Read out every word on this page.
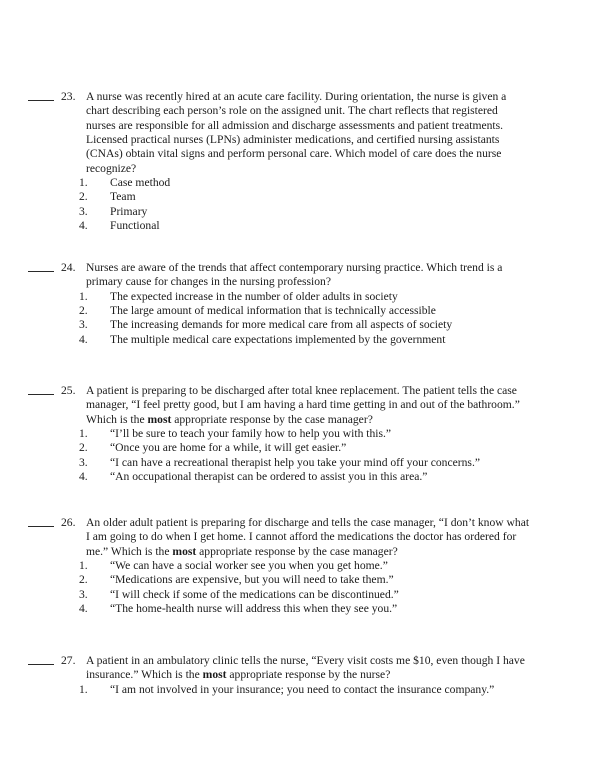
23. A nurse was recently hired at an acute care facility. During orientation, the nurse is given a chart describing each person’s role on the assigned unit. The chart reflects that registered nurses are responsible for all admission and discharge assessments and patient treatments. Licensed practical nurses (LPNs) administer medications, and certified nursing assistants (CNAs) obtain vital signs and perform personal care. Which model of care does the nurse recognize?
1.	Case method
2.	Team
3.	Primary
4.	Functional
24. Nurses are aware of the trends that affect contemporary nursing practice. Which trend is a primary cause for changes in the nursing profession?
1.	The expected increase in the number of older adults in society
2.	The large amount of medical information that is technically accessible
3.	The increasing demands for more medical care from all aspects of society
4.	The multiple medical care expectations implemented by the government
25. A patient is preparing to be discharged after total knee replacement. The patient tells the case manager, “I feel pretty good, but I am having a hard time getting in and out of the bathroom.” Which is the most appropriate response by the case manager?
1.	“I’ll be sure to teach your family how to help you with this.”
2.	“Once you are home for a while, it will get easier.”
3.	“I can have a recreational therapist help you take your mind off your concerns.”
4.	“An occupational therapist can be ordered to assist you in this area.”
26. An older adult patient is preparing for discharge and tells the case manager, “I don’t know what I am going to do when I get home. I cannot afford the medications the doctor has ordered for me.” Which is the most appropriate response by the case manager?
1.	“We can have a social worker see you when you get home.”
2.	“Medications are expensive, but you will need to take them.”
3.	“I will check if some of the medications can be discontinued.”
4.	“The home-health nurse will address this when they see you.”
27. A patient in an ambulatory clinic tells the nurse, “Every visit costs me $10, even though I have insurance.” Which is the most appropriate response by the nurse?
1.	“I am not involved in your insurance; you need to contact the insurance company.”
